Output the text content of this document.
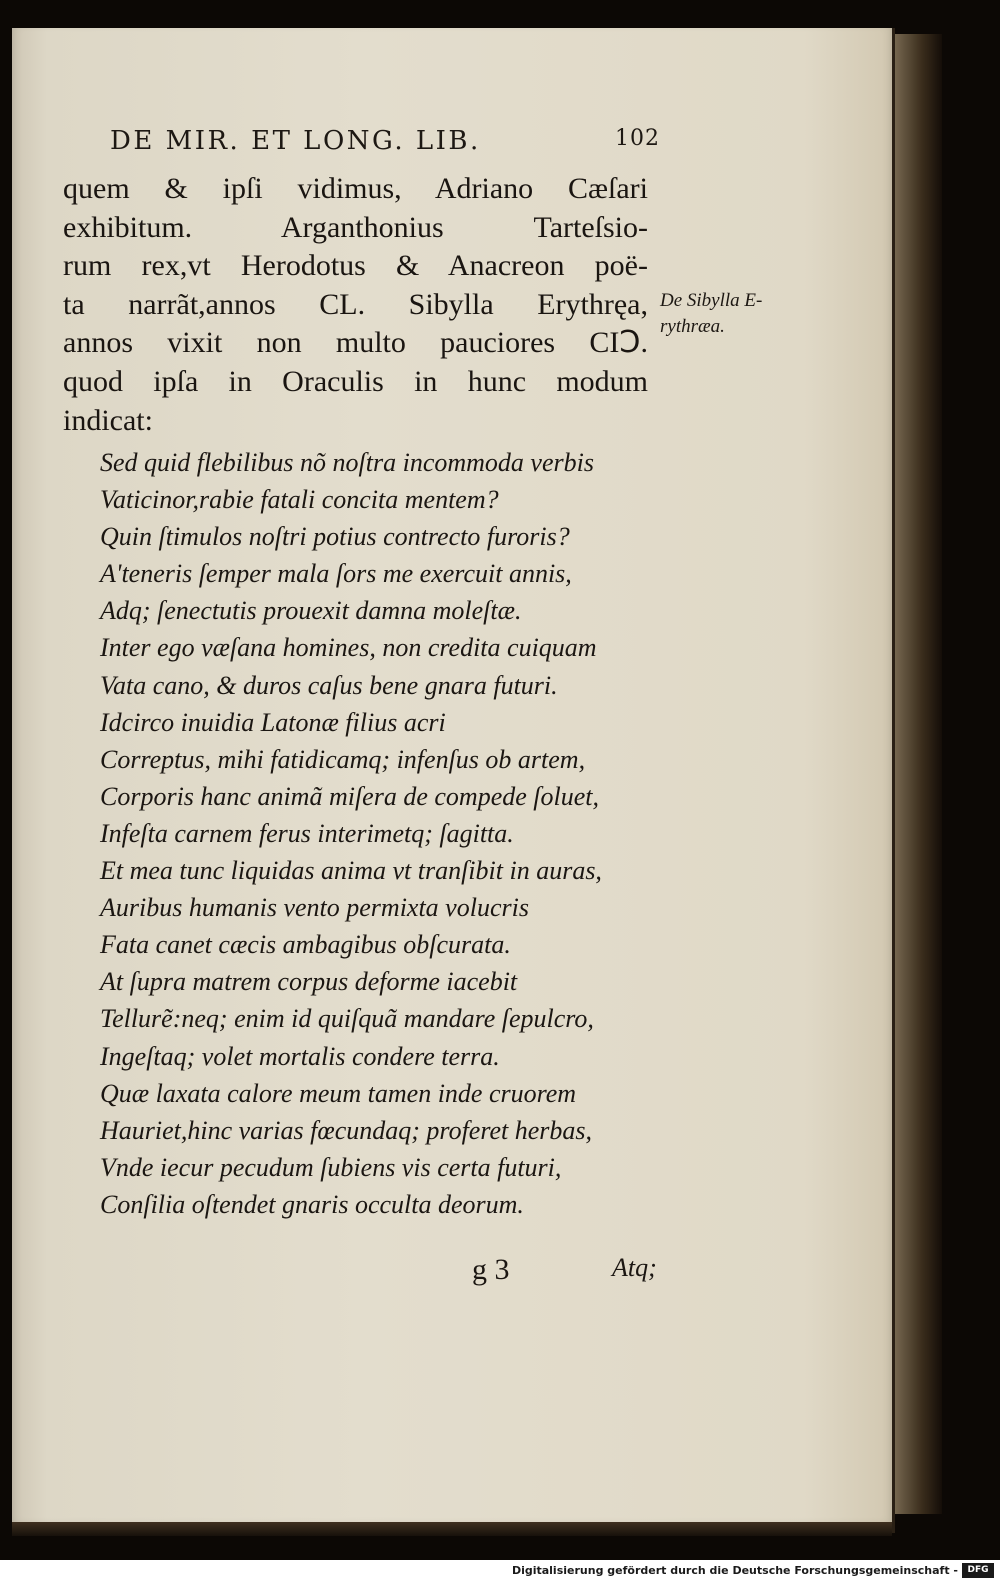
DE MIR. ET LONG. LIB.	102
quem & ipſi vidimus, Adriano Cæſari
exhibitum. Arganthonius Tarteſsio-
rum rex,vt Herodotus & Anacreon poë-
ta narrãt,annos CL. Sibylla Erythręa,
annos vixit non multo pauciores CIↃ.
quod ipſa in Oraculis in hunc modum
indicat:
De Sibylla E-
rythræa.
Sed quid flebilibus nõ noſtra incommoda verbis
Vaticinor,rabie fatali concita mentem?
Quin ſtimulos noſtri potius contrecto furoris?
A'teneris ſemper mala ſors me exercuit annis,
Adq; ſenectutis prouexit damna moleſtæ.
Inter ego væſana homines, non credita cuiquam
Vata cano, & duros caſus bene gnara futuri.
Idcirco inuidia Latonæ filius acri
Correptus, mihi fatidicamq; infenſus ob artem,
Corporis hanc animã miſera de compede ſoluet,
Infeſta carnem ferus interimetq; ſagitta.
Et mea tunc liquidas anima vt tranſibit in auras,
Auribus humanis vento permixta volucris
Fata canet cæcis ambagibus obſcurata.
At ſupra matrem corpus deforme iacebit
Tellurẽ:neq; enim id quiſquã mandare ſepulcro,
Ingeſtaq; volet mortalis condere terra.
Quæ laxata calore meum tamen inde cruorem
Hauriet,hinc varias fœcundaq; proferet herbas,
Vnde iecur pecudum ſubiens vis certa futuri,
Conſilia oſtendet gnaris occulta deorum.
g 3	Atq;
Digitalisierung gefördert durch die Deutsche Forschungsgemeinschaft -	DFG
